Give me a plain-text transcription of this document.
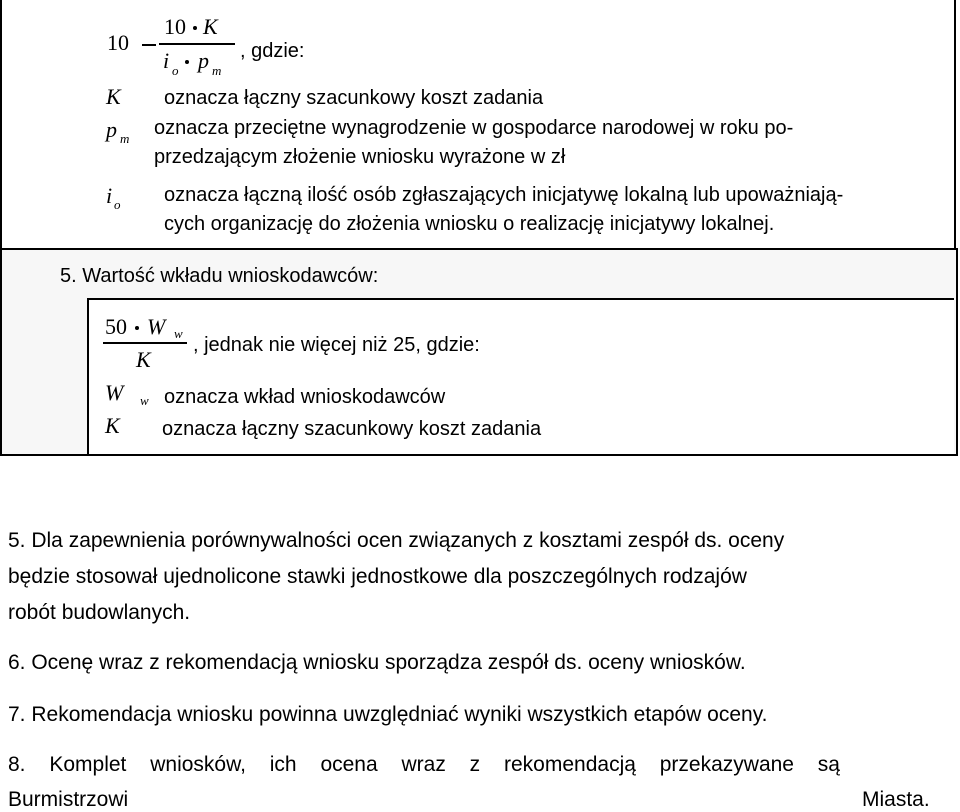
10
10 K
i o p m
, gdzie:
K oznacza łączny szacunkowy koszt zadania
p m oznacza przeciętne wynagrodzenie w gospodarce narodowej w roku po-
przedzającym złożenie wniosku wyrażone w zł
i o oznacza łączną ilość osób zgłaszających inicjatywę lokalną lub upoważniają-
cych organizację do złożenia wniosku o realizację inicjatywy lokalnej.
5. Wartość wkładu wnioskodawców:
50 W w
K
, jednak nie więcej niż 25, gdzie:
W w oznacza wkład wnioskodawców
K oznacza łączny szacunkowy koszt zadania
5. Dla zapewnienia porównywalności ocen związanych z kosztami zespół ds. oceny
będzie stosował ujednolicone stawki jednostkowe dla poszczególnych rodzajów
robót budowlanych.
6. Ocenę wraz z rekomendacją wniosku sporządza zespół ds. oceny wniosków.
7. Rekomendacja wniosku powinna uwzględniać wyniki wszystkich etapów oceny.
8. Komplet wniosków, ich ocena wraz z rekomendacją przekazywane są
Burmistrzowi	Miasta.
